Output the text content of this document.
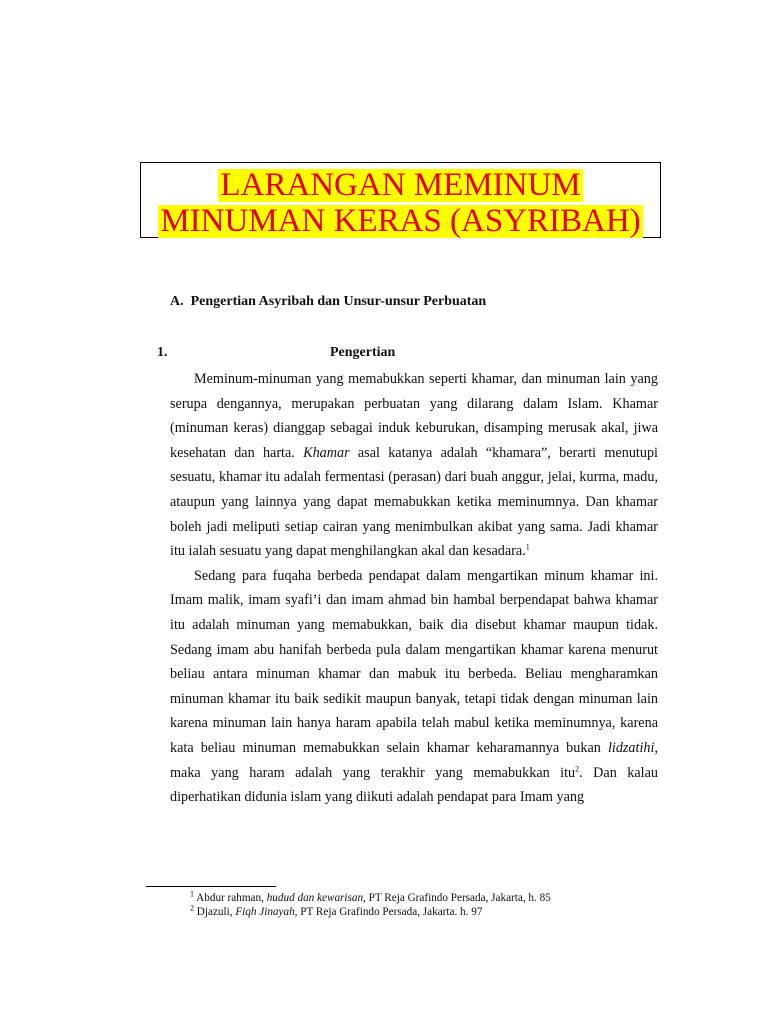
LARANGAN MEMINUM
MINUMAN KERAS (ASYRIBAH)
A.  Pengertian Asyribah dan Unsur-unsur Perbuatan
1.	Pengertian

Meminum-minuman yang memabukkan seperti khamar, dan minuman lain yang serupa dengannya, merupakan perbuatan yang dilarang dalam Islam. Khamar (minuman keras) dianggap sebagai induk keburukan, disamping merusak akal, jiwa kesehatan dan harta. Khamar asal katanya adalah “khamara”, berarti menutupi sesuatu, khamar itu adalah fermentasi (perasan) dari buah anggur, jelai, kurma, madu, ataupun yang lainnya yang dapat memabukkan ketika meminumnya. Dan khamar boleh jadi meliputi setiap cairan yang menimbulkan akibat yang sama. Jadi khamar itu ialah sesuatu yang dapat menghilangkan akal dan kesadara.$^1$

Sedang para fuqaha berbeda pendapat dalam mengartikan minum khamar ini. Imam malik, imam syafi’i dan imam ahmad bin hambal berpendapat bahwa khamar itu adalah minuman yang memabukkan, baik dia disebut khamar maupun tidak. Sedang imam abu hanifah berbeda pula dalam mengartikan khamar karena menurut beliau antara minuman khamar dan mabuk itu berbeda. Beliau mengharamkan minuman khamar itu baik sedikit maupun banyak, tetapi tidak dengan minuman lain karena minuman lain hanya haram apabila telah mabul ketika meminumnya, karena kata beliau minuman memabukkan selain khamar keharamannya bukan lidzatihi, maka yang haram adalah yang terakhir yang memabukkan itu$^2$. Dan kalau diperhatikan didunia islam yang diikuti adalah pendapat para Imam yang

$^1$ Abdur rahman, hudud dan kewarisan, PT Reja Grafindo Persada, Jakarta, h. 85
$^2$ Djazuli, Fiqh Jinayah, PT Reja Grafindo Persada, Jakarta. h. 97
